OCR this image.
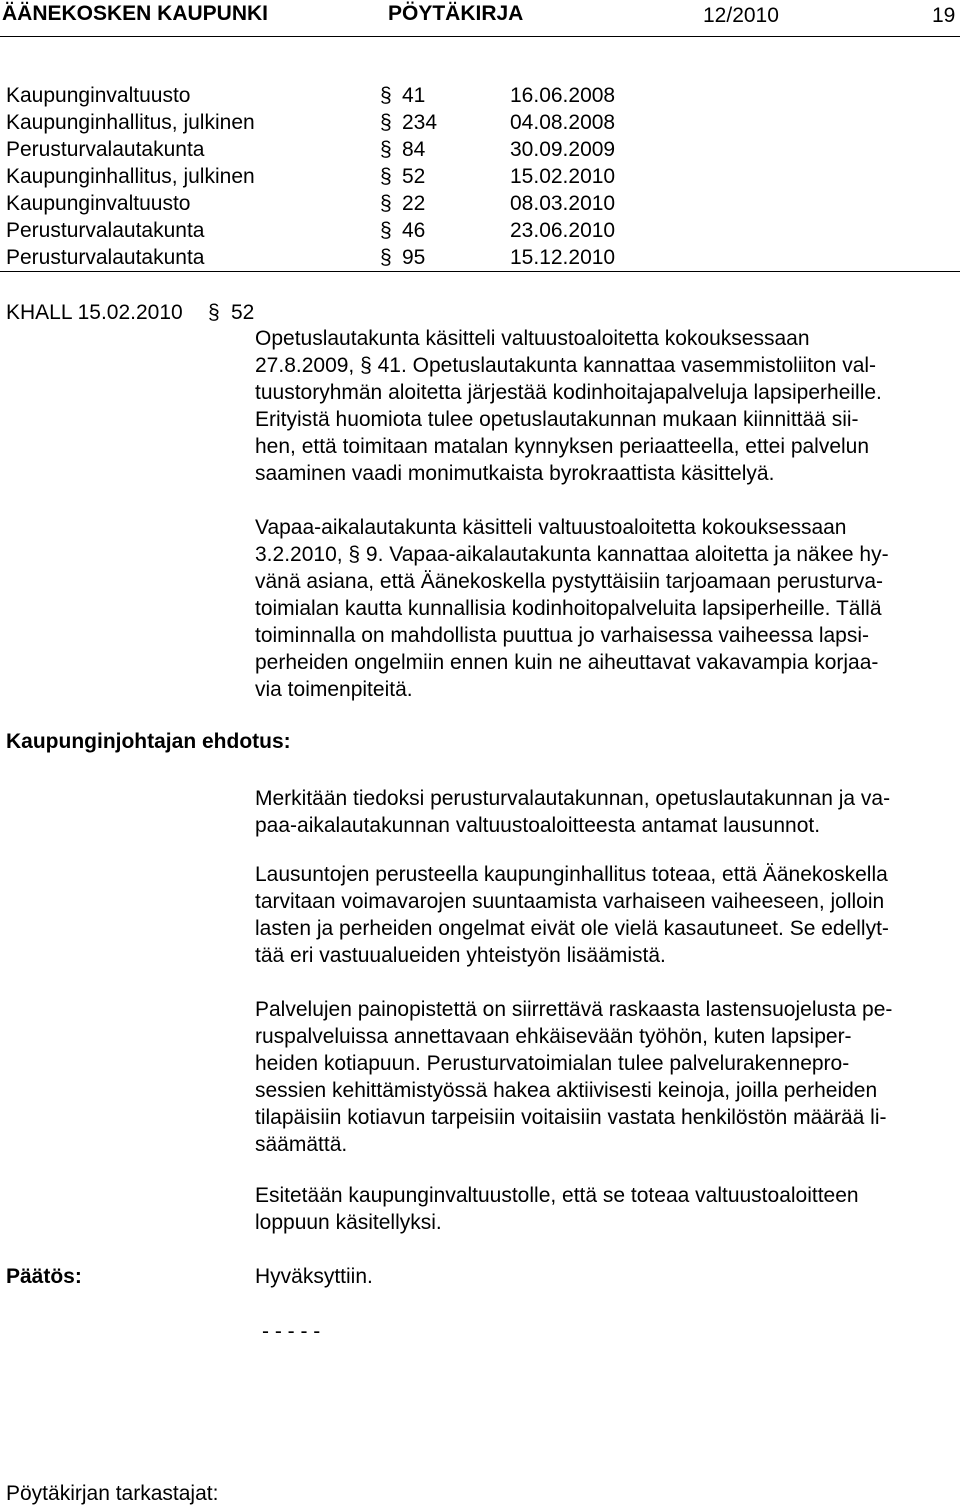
ÄÄNEKOSKEN KAUPUNKI	PÖYTÄKIRJA	12/2010	19
Kaupunginvaltuusto	§ 41	16.06.2008
Kaupunginhallitus, julkinen	§ 234	04.08.2008
Perusturvalautakunta	§ 84	30.09.2009
Kaupunginhallitus, julkinen	§ 52	15.02.2010
Kaupunginvaltuusto	§ 22	08.03.2010
Perusturvalautakunta	§ 46	23.06.2010
Perusturvalautakunta	§ 95	15.12.2010
KHALL 15.02.2010 § 52
Opetuslautakunta käsitteli valtuustoaloitetta kokouksessaan
27.8.2009, § 41. Opetuslautakunta kannattaa vasemmistoliiton val-
tuustoryhmän aloitetta järjestää kodinhoitajapalveluja lapsiperheille.
Erityistä huomiota tulee opetuslautakunnan mukaan kiinnittää sii-
hen, että toimitaan matalan kynnyksen periaatteella, ettei palvelun
saaminen vaadi monimutkaista byrokraattista käsittelyä.
Vapaa-aikalautakunta käsitteli valtuustoaloitetta kokouksessaan
3.2.2010, § 9. Vapaa-aikalautakunta kannattaa aloitetta ja näkee hy-
vänä asiana, että Äänekoskella pystyttäisiin tarjoamaan perusturva-
toimialan kautta kunnallisia kodinhoitopalveluita lapsiperheille. Tällä
toiminnalla on mahdollista puuttua jo varhaisessa vaiheessa lapsi-
perheiden ongelmiin ennen kuin ne aiheuttavat vakavampia korjaa-
via toimenpiteitä.
Kaupunginjohtajan ehdotus:
Merkitään tiedoksi perusturvalautakunnan, opetuslautakunnan ja va-
paa-aikalautakunnan valtuustoaloitteesta antamat lausunnot.
Lausuntojen perusteella kaupunginhallitus toteaa, että Äänekoskella
tarvitaan voimavarojen suuntaamista varhaiseen vaiheeseen, jolloin
lasten ja perheiden ongelmat eivät ole vielä kasautuneet. Se edellyt-
tää eri vastuualueiden yhteistyön lisäämistä.
Palvelujen painopistettä on siirrettävä raskaasta lastensuojelusta pe-
ruspalveluissa annettavaan ehkäisevään työhön, kuten lapsiper-
heiden kotiapuun. Perusturvatoimialan tulee palvelurakennepro-
sessien kehittämistyössä hakea aktiivisesti keinoja, joilla perheiden
tilapäisiin kotiavun tarpeisiin voitaisiin vastata henkilöstön määrää li-
säämättä.
Esitetään kaupunginvaltuustolle, että se toteaa valtuustoaloitteen
loppuun käsitellyksi.
Päätös:	Hyväksyttiin.
- - - - -
Pöytäkirjan tarkastajat:
